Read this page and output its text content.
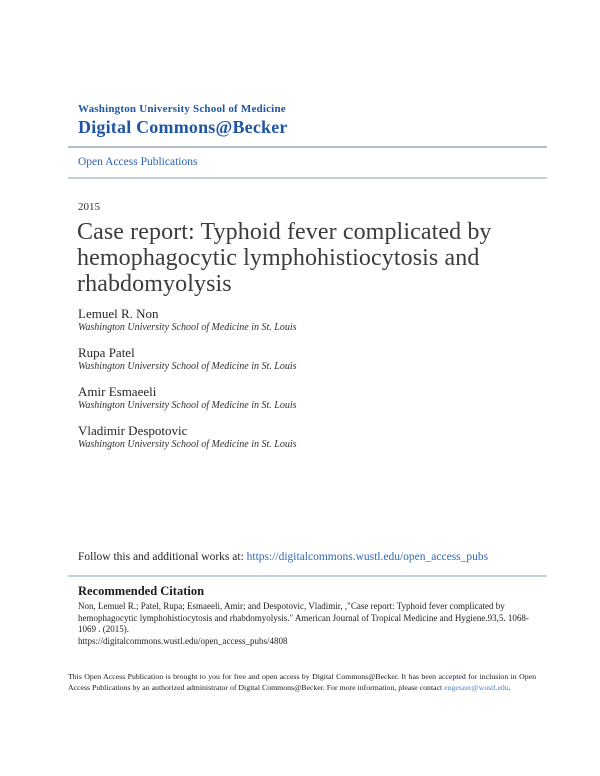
Washington University School of Medicine
Digital Commons@Becker
Open Access Publications
2015
Case report: Typhoid fever complicated by
hemophagocytic lymphohistiocytosis and
rhabdomyolysis
Lemuel R. Non
Washington University School of Medicine in St. Louis
Rupa Patel
Washington University School of Medicine in St. Louis
Amir Esmaeeli
Washington University School of Medicine in St. Louis
Vladimir Despotovic
Washington University School of Medicine in St. Louis
Follow this and additional works at: https://digitalcommons.wustl.edu/open_access_pubs
Recommended Citation
Non, Lemuel R.; Patel, Rupa; Esmaeeli, Amir; and Despotovic, Vladimir, ,"Case report: Typhoid fever complicated by hemophagocytic lymphohistiocytosis and rhabdomyolysis." American Journal of Tropical Medicine and Hygiene.93,5. 1068-1069 . (2015).
https://digitalcommons.wustl.edu/open_access_pubs/4808
This Open Access Publication is brought to you for free and open access by Digital Commons@Becker. It has been accepted for inclusion in Open Access Publications by an authorized administrator of Digital Commons@Becker. For more information, please contact engeszer@wustl.edu.
